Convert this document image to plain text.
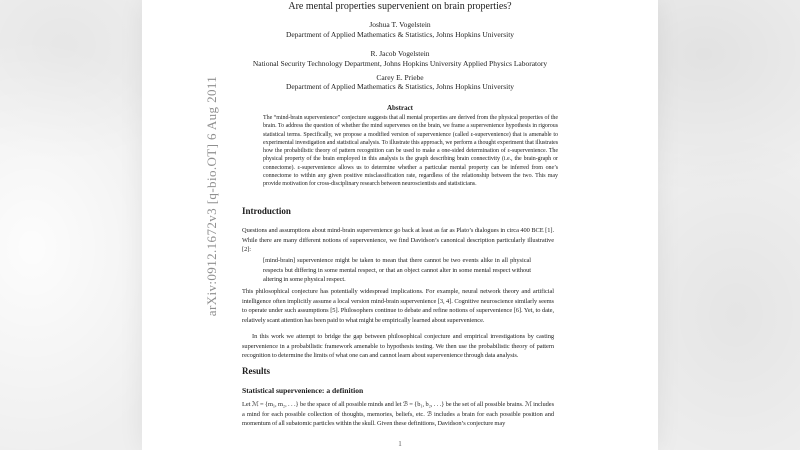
Are mental properties supervenient on brain properties?
Joshua T. Vogelstein
Department of Applied Mathematics & Statistics, Johns Hopkins University
R. Jacob Vogelstein
National Security Technology Department, Johns Hopkins University Applied Physics Laboratory
Carey E. Priebe
Department of Applied Mathematics & Statistics, Johns Hopkins University
Abstract
The “mind-brain supervenience” conjecture suggests that all mental properties are derived from the physical properties of the brain. To address the question of whether the mind supervenes on the brain, we frame a supervenience hypothesis in rigorous statistical terms. Specifically, we propose a modified version of supervenience (called ε-supervenience) that is amenable to experimental investigation and statistical analysis. To illustrate this approach, we perform a thought experiment that illustrates how the probabilistic theory of pattern recognition can be used to make a one-sided determination of ε-supervenience. The physical property of the brain employed in this analysis is the graph describing brain connectivity (i.e., the brain-graph or connectome). ε-supervenience allows us to determine whether a particular mental property can be inferred from one’s connectome to within any given positive misclassification rate, regardless of the relationship between the two. This may provide motivation for cross-disciplinary research between neuroscientists and statisticians.
Introduction
Questions and assumptions about mind-brain supervenience go back at least as far as Plato’s dialogues in circa 400 BCE [1]. While there are many different notions of supervenience, we find Davidson’s canonical description particularly illustrative [2]:
[mind-brain] supervenience might be taken to mean that there cannot be two events alike in all physical respects but differing in some mental respect, or that an object cannot alter in some mental respect without altering in some physical respect.
This philosophical conjecture has potentially widespread implications. For example, neural network theory and artificial intelligence often implicitly assume a local version mind-brain supervenience [3, 4]. Cognitive neuroscience similarly seems to operate under such assumptions [5]. Philosophers continue to debate and refine notions of supervenience [6]. Yet, to date, relatively scant attention has been paid to what might be empirically learned about supervenience.
In this work we attempt to bridge the gap between philosophical conjecture and empirical investigations by casting supervenience in a probabilistic framework amenable to hypothesis testing. We then use the probabilistic theory of pattern recognition to determine the limits of what one can and cannot learn about supervenience through data analysis.
Results
Statistical supervenience: a definition
Let ℳ = {m₁, m₂, . . .} be the space of all possible minds and let ℬ = {b₁, b₂, . . .} be the set of all possible brains. ℳ includes a mind for each possible collection of thoughts, memories, beliefs, etc. ℬ includes a brain for each possible position and momentum of all subatomic particles within the skull. Given these definitions, Davidson’s conjecture may
1
arXiv:0912.1672v3 [q-bio.OT] 6 Aug 2011
